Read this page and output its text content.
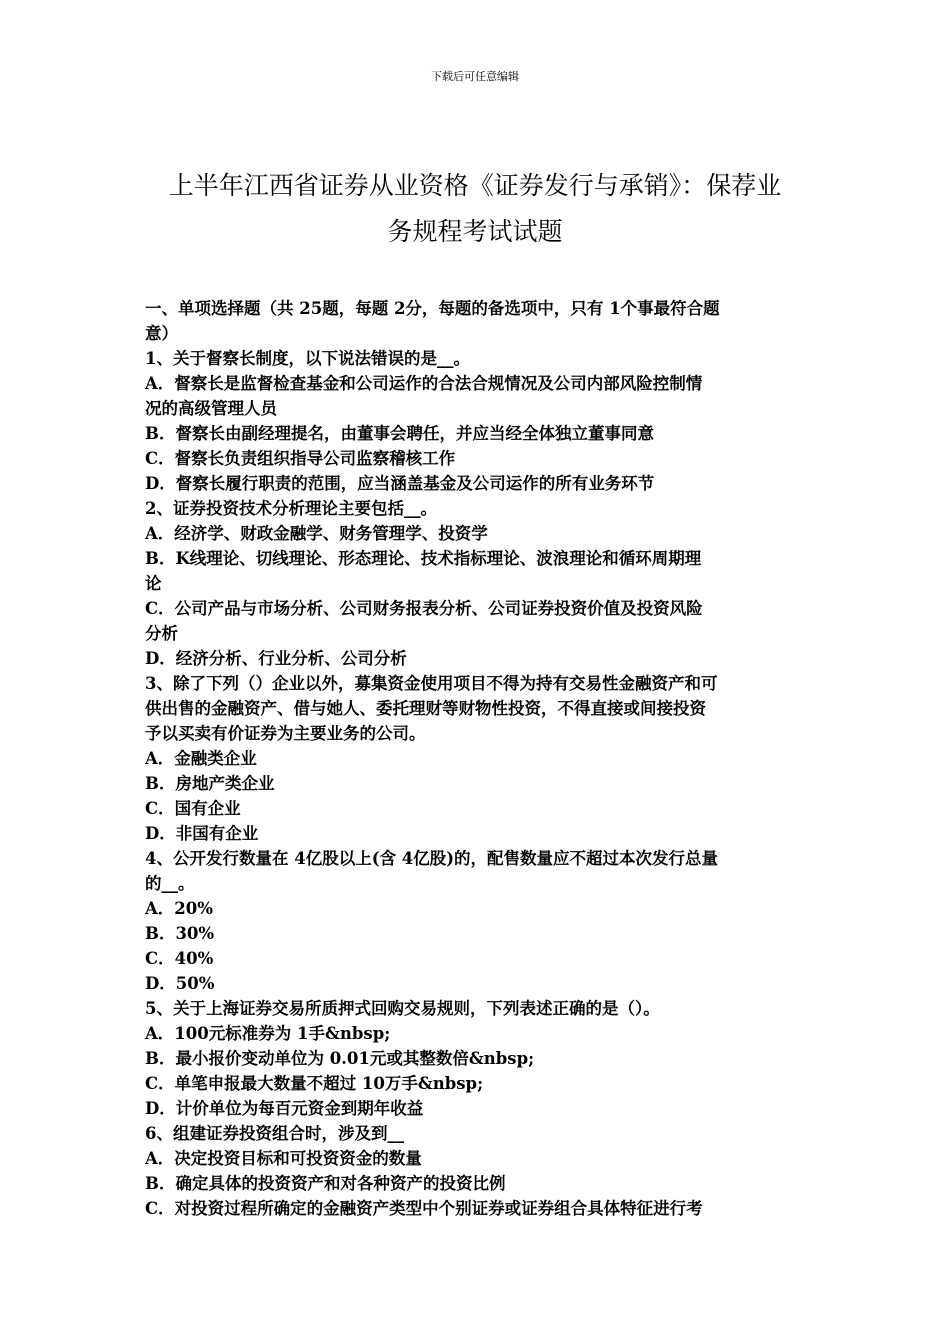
下载后可任意编辑
上半年江西省证券从业资格《证券发行与承销》：保荐业
务规程考试试题

一、单项选择题（共 25题，每题 2分，每题的备选项中，只有 1个事最符合题
意）

1、关于督察长制度，以下说法错误的是__。
A．督察长是监督检查基金和公司运作的合法合规情况及公司内部风险控制情
况的高级管理人员
B．督察长由副经理提名，由董事会聘任，并应当经全体独立董事同意
C．督察长负责组织指导公司监察稽核工作
D．督察长履行职责的范围，应当涵盖基金及公司运作的所有业务环节

2、证券投资技术分析理论主要包括__。
A．经济学、财政金融学、财务管理学、投资学
B．K线理论、切线理论、形态理论、技术指标理论、波浪理论和循环周期理
论
C．公司产品与市场分析、公司财务报表分析、公司证券投资价值及投资风险
分析
D．经济分析、行业分析、公司分析

3、除了下列（）企业以外，募集资金使用项目不得为持有交易性金融资产和可
供出售的金融资产、借与她人、委托理财等财物性投资，不得直接或间接投资
予以买卖有价证券为主要业务的公司。
A．金融类企业
B．房地产类企业
C．国有企业
D．非国有企业

4、公开发行数量在 4亿股以上(含 4亿股)的，配售数量应不超过本次发行总量
的__。
A．20%
B．30%
C．40%
D．50%

5、关于上海证券交易所质押式回购交易规则，下列表述正确的是（）。
A．100元标准券为 1手&nbsp;
B．最小报价变动单位为 0.01元或其整数倍&nbsp;
C．单笔申报最大数量不超过 10万手&nbsp;
D．计价单位为每百元资金到期年收益

6、组建证券投资组合时，涉及到__
A．决定投资目标和可投资资金的数量
B．确定具体的投资资产和对各种资产的投资比例
C．对投资过程所确定的金融资产类型中个别证券或证券组合具体特征进行考
